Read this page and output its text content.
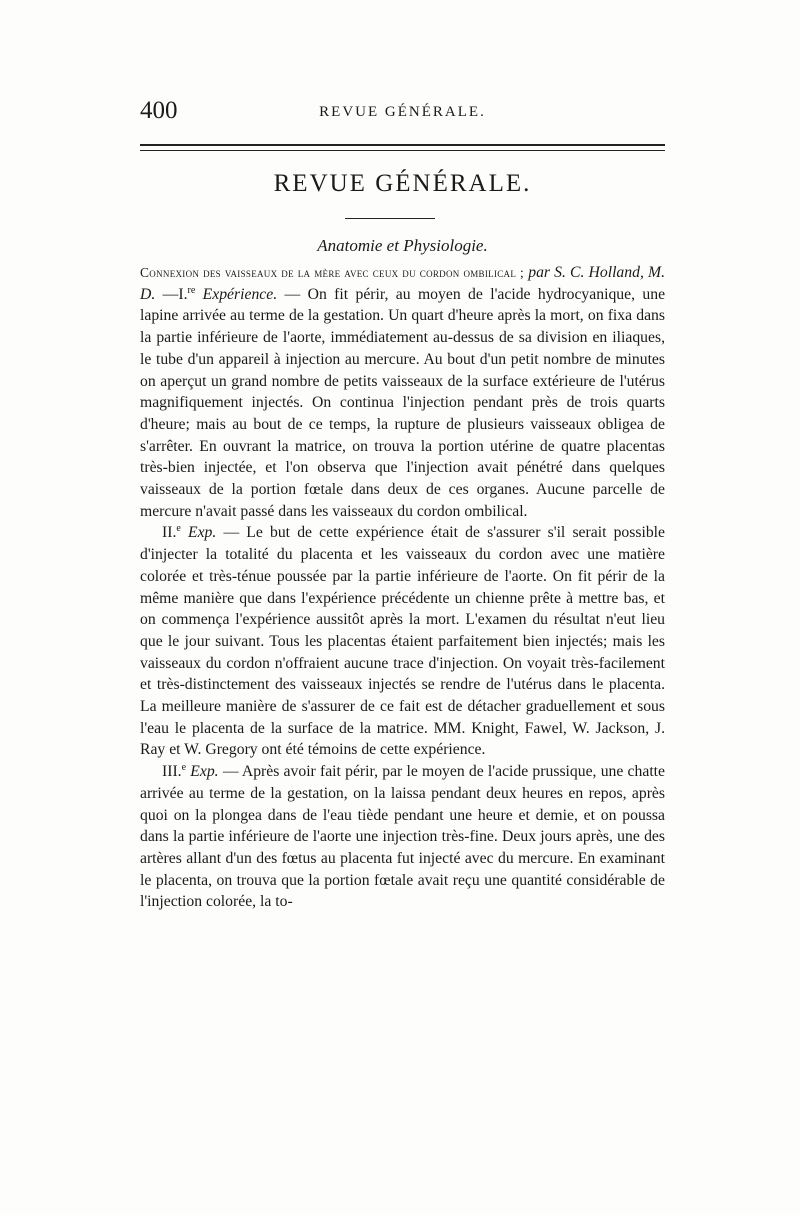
400	REVUE GÉNÉRALE.
REVUE GÉNÉRALE.
Anatomie et Physiologie.

Connexion des vaisseaux de la mère avec ceux du cordon ombilical ; par S. C. Holland, M. D. —I.$^{re}$ Expérience. — On fit périr, au moyen de l'acide hydrocyanique, une lapine arrivée au terme de la gestation. Un quart d'heure après la mort, on fixa dans la partie inférieure de l'aorte, immédiatement au-dessus de sa division en iliaques, le tube d'un appareil à injection au mercure. Au bout d'un petit nombre de minutes on aperçut un grand nombre de petits vaisseaux de la surface extérieure de l'utérus magnifiquement injectés. On continua l'injection pendant près de trois quarts d'heure; mais au bout de ce temps, la rupture de plusieurs vaisseaux obligea de s'arrêter. En ouvrant la matrice, on trouva la portion utérine de quatre placentas très-bien injectée, et l'on observa que l'injection avait pénétré dans quelques vaisseaux de la portion fœtale dans deux de ces organes. Aucune parcelle de mercure n'avait passé dans les vaisseaux du cordon ombilical.

II.$^e$ Exp. — Le but de cette expérience était de s'assurer s'il serait possible d'injecter la totalité du placenta et les vaisseaux du cordon avec une matière colorée et très-ténue poussée par la partie inférieure de l'aorte. On fit périr de la même manière que dans l'expérience précédente un chienne prête à mettre bas, et on commença l'expérience aussitôt après la mort. L'examen du résultat n'eut lieu que le jour suivant. Tous les placentas étaient parfaitement bien injectés; mais les vaisseaux du cordon n'offraient aucune trace d'injection. On voyait très-facilement et très-distinctement des vaisseaux injectés se rendre de l'utérus dans le placenta. La meilleure manière de s'assurer de ce fait est de détacher graduellement et sous l'eau le placenta de la surface de la matrice. MM. Knight, Fawel, W. Jackson, J. Ray et W. Gregory ont été témoins de cette expérience.

III.$^e$ Exp. — Après avoir fait périr, par le moyen de l'acide prussique, une chatte arrivée au terme de la gestation, on la laissa pendant deux heures en repos, après quoi on la plongea dans de l'eau tiède pendant une heure et demie, et on poussa dans la partie inférieure de l'aorte une injection très-fine. Deux jours après, une des artères allant d'un des fœtus au placenta fut injecté avec du mercure. En examinant le placenta, on trouva que la portion fœtale avait reçu une quantité considérable de l'injection colorée, la to-
